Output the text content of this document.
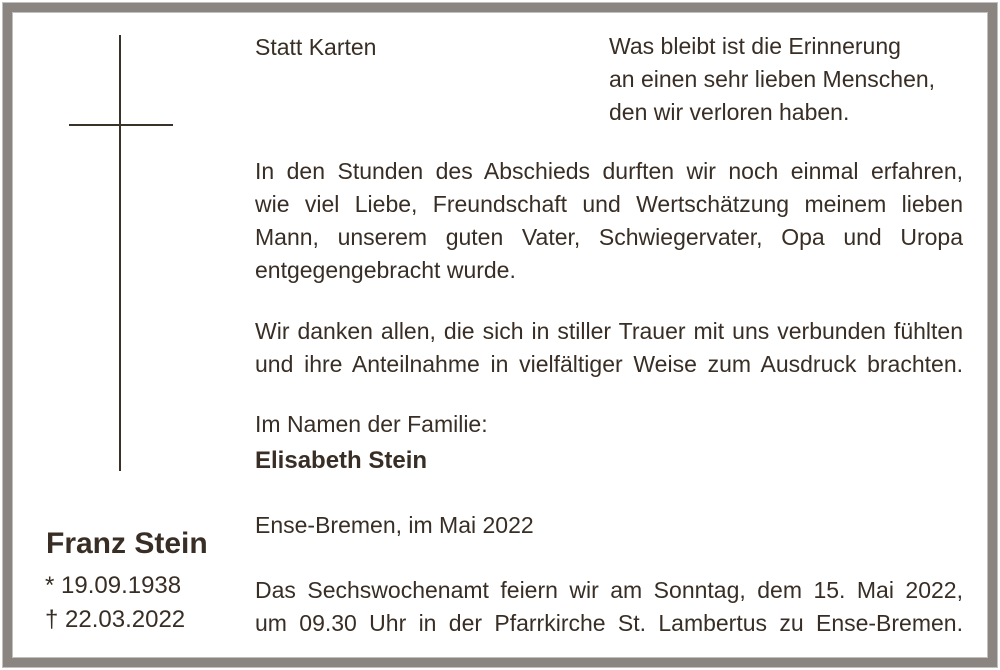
Statt Karten	Was bleibt ist die Erinnerung
an einen sehr lieben Menschen,
den wir verloren haben.
In den Stunden des Abschieds durften wir noch einmal erfahren,
wie viel Liebe, Freundschaft und Wertschätzung meinem lieben
Mann, unserem guten Vater, Schwiegervater, Opa und Uropa
entgegengebracht wurde.
Wir danken allen, die sich in stiller Trauer mit uns verbunden fühlten
und ihre Anteilnahme in vielfältiger Weise zum Ausdruck brachten.
Im Namen der Familie:
Elisabeth Stein
Ense-Bremen, im Mai 2022
Das Sechswochenamt feiern wir am Sonntag, dem 15. Mai 2022,
um 09.30 Uhr in der Pfarrkirche St. Lambertus zu Ense-Bremen.
Franz Stein
* 19.09.1938
† 22.03.2022
